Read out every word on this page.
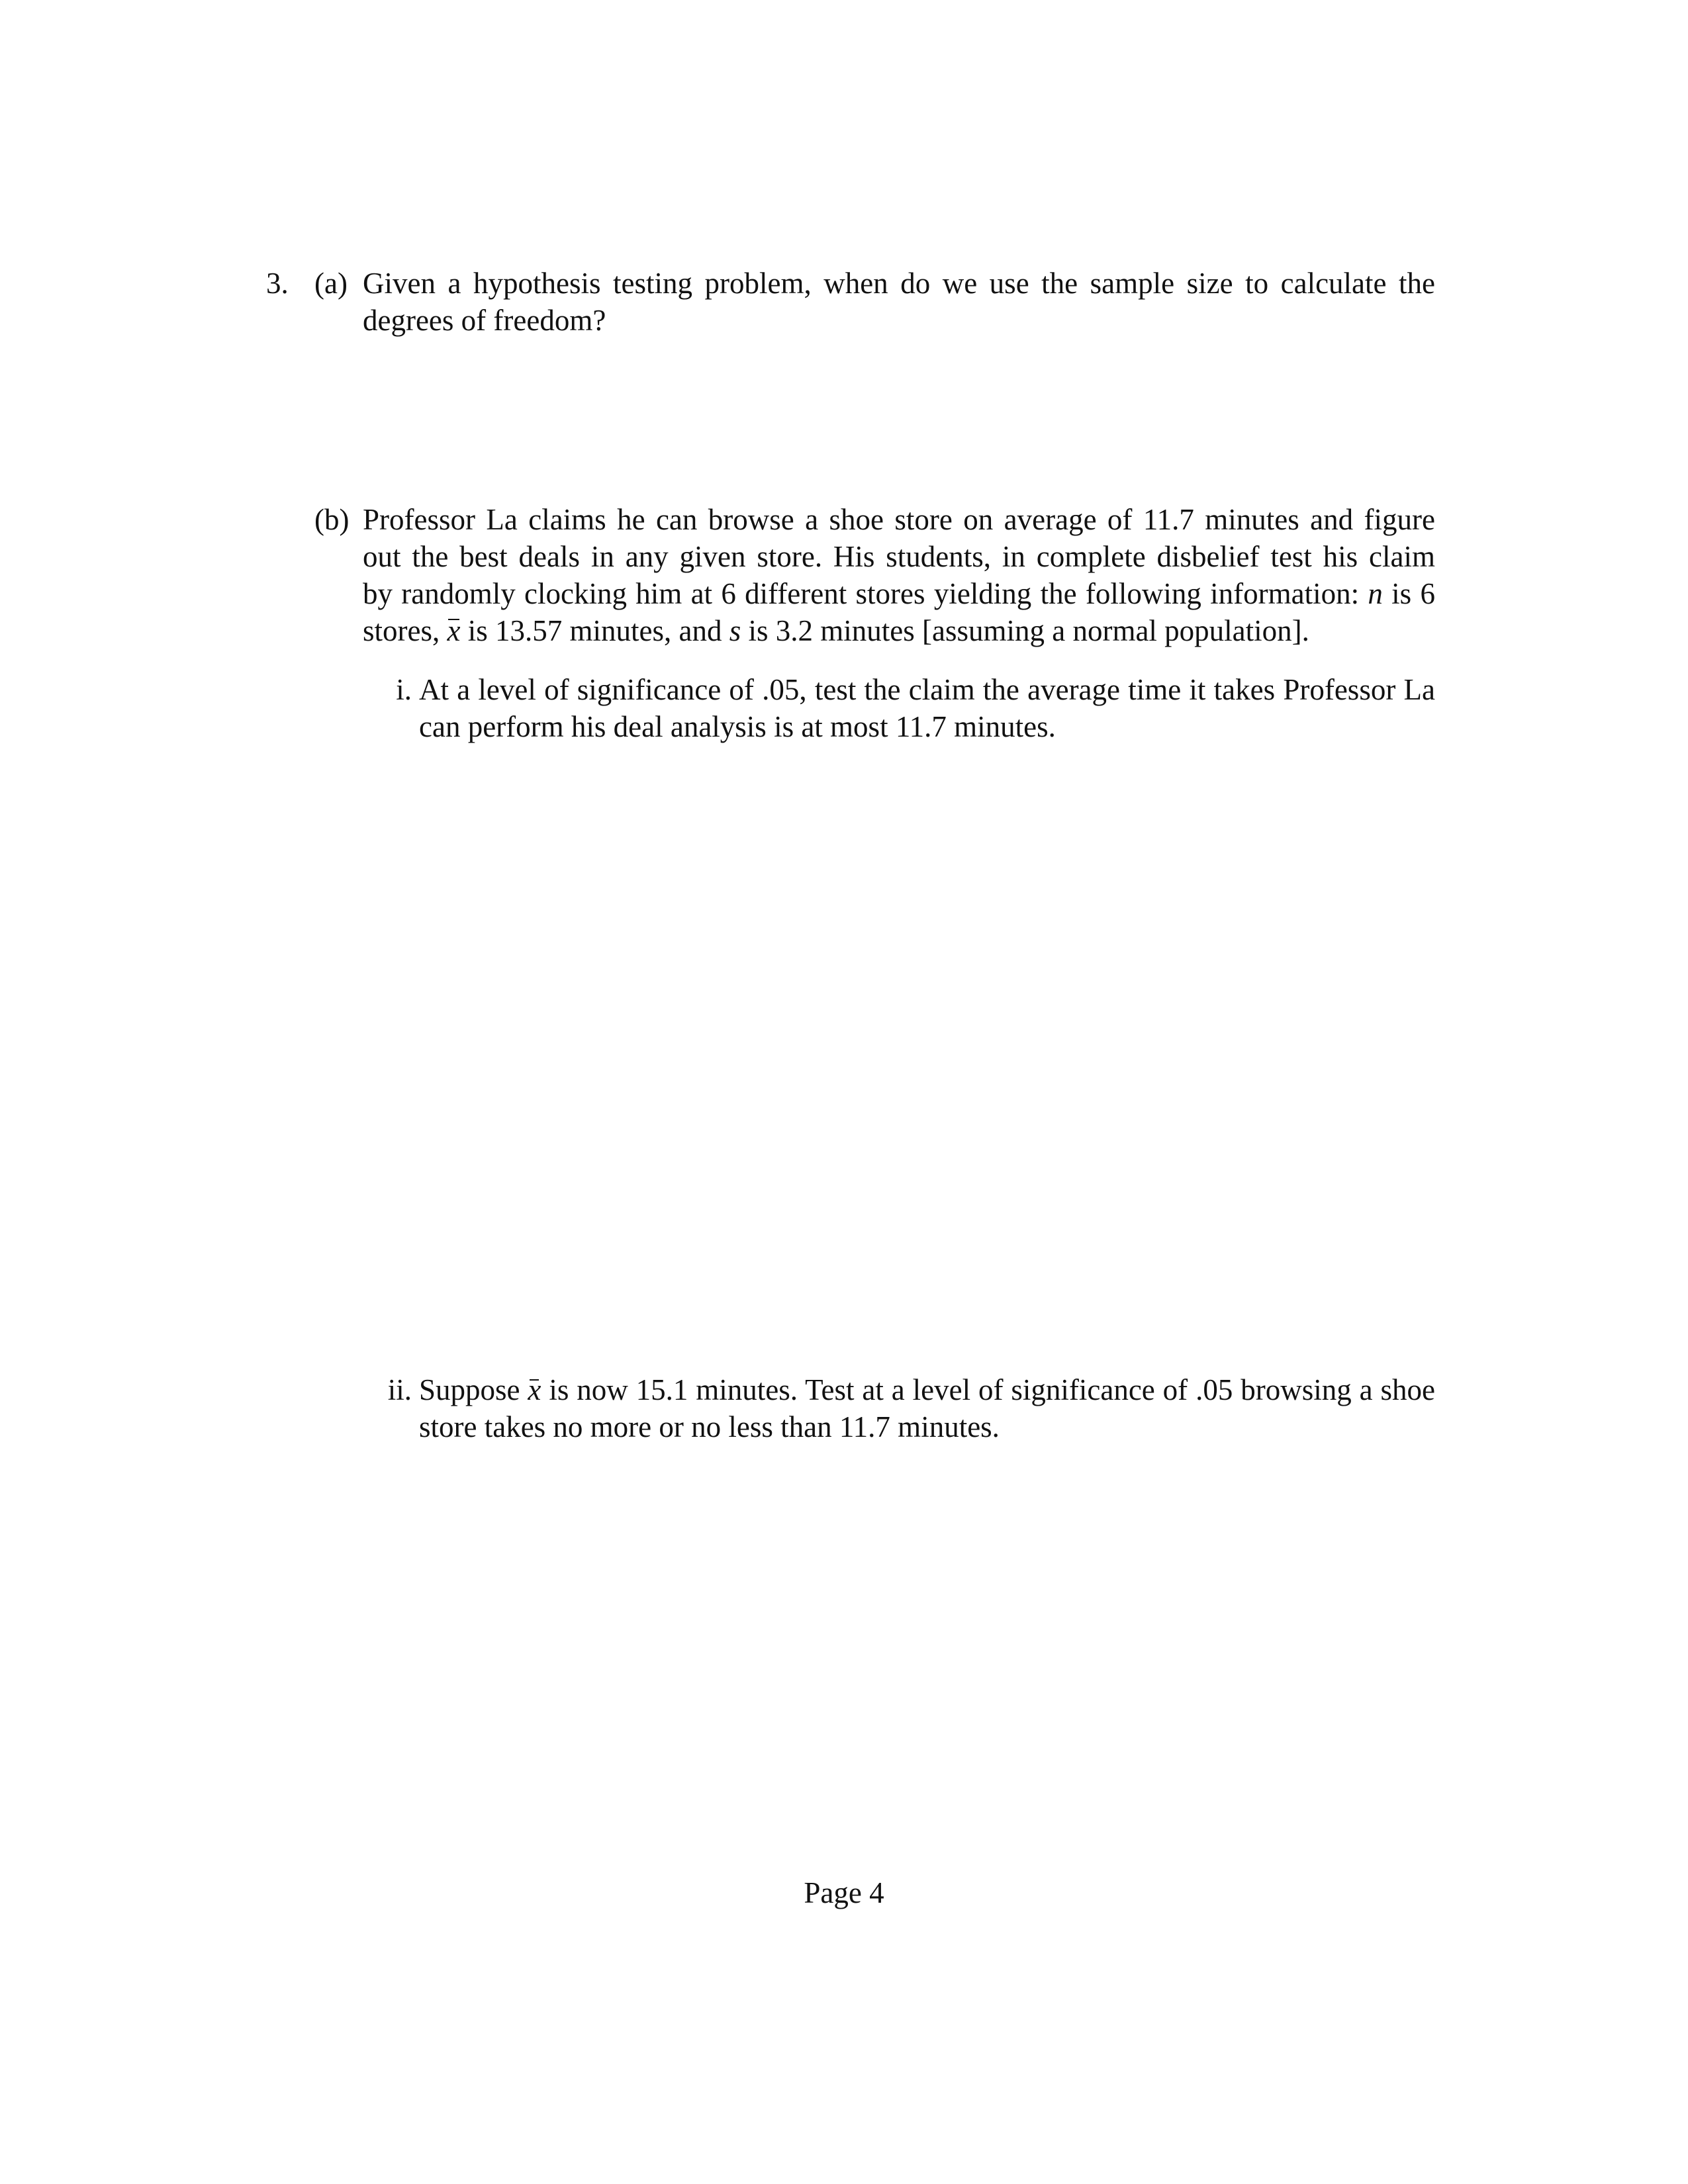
3. (a) Given a hypothesis testing problem, when do we use the sample size to calculate the
degrees of freedom?
(b) Professor La claims he can browse a shoe store on average of 11.7 minutes and figure
out the best deals in any given store. His students, in complete disbelief test his claim
by randomly clocking him at 6 different stores yielding the following information: n is 6
stores, x is 13.57 minutes, and s is 3.2 minutes [assuming a normal population].
i. At a level of significance of .05, test the claim the average time it takes Professor La
can perform his deal analysis is at most 11.7 minutes.
ii. Suppose x is now 15.1 minutes. Test at a level of significance of .05 browsing a shoe
store takes no more or no less than 11.7 minutes.
Page 4
